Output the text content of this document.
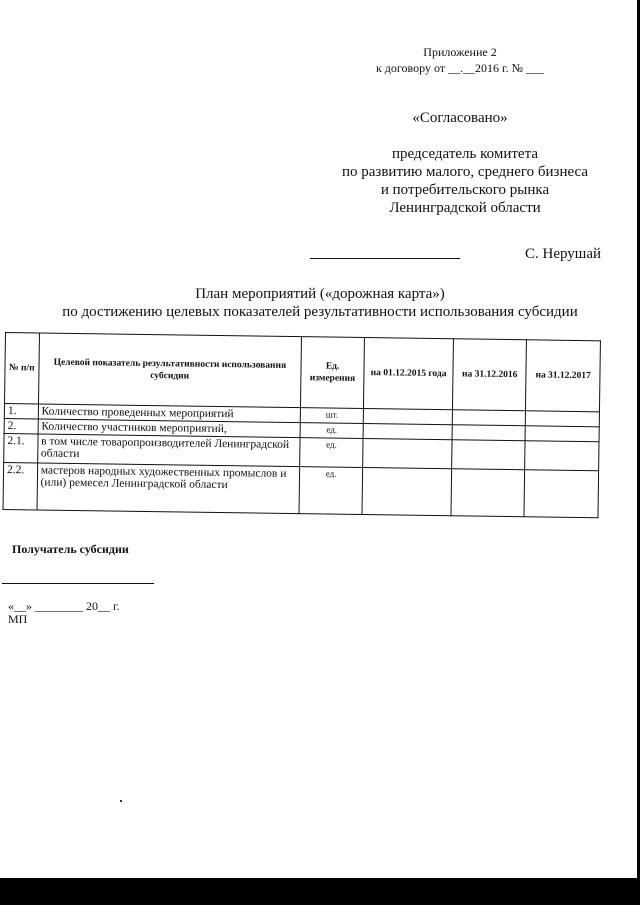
Приложение 2
к договору от __.__2016 г. № ___
«Согласовано»
председатель комитета
по развитию малого, среднего бизнеса
и потребительского рынка
Ленинградской области
С. Нерушай
План мероприятий («дорожная карта»)
по достижению целевых показателей результативности использования субсидии
№ п/п	Целевой показатель результативности использования субсидии	Ед. измерения	на 01.12.2015 года	на 31.12.2016	на 31.12.2017
1.	Количество проведенных мероприятий	шт.			
2.	Количество участников мероприятий,	ед.			
2.1.	в том числе товаропроизводителей Ленинградской области	ед.			
2.2.	мастеров народных художественных промыслов и (или) ремесел Ленинградской области	ед.			
Получатель субсидии
«__» ________ 20__ г.
МП
